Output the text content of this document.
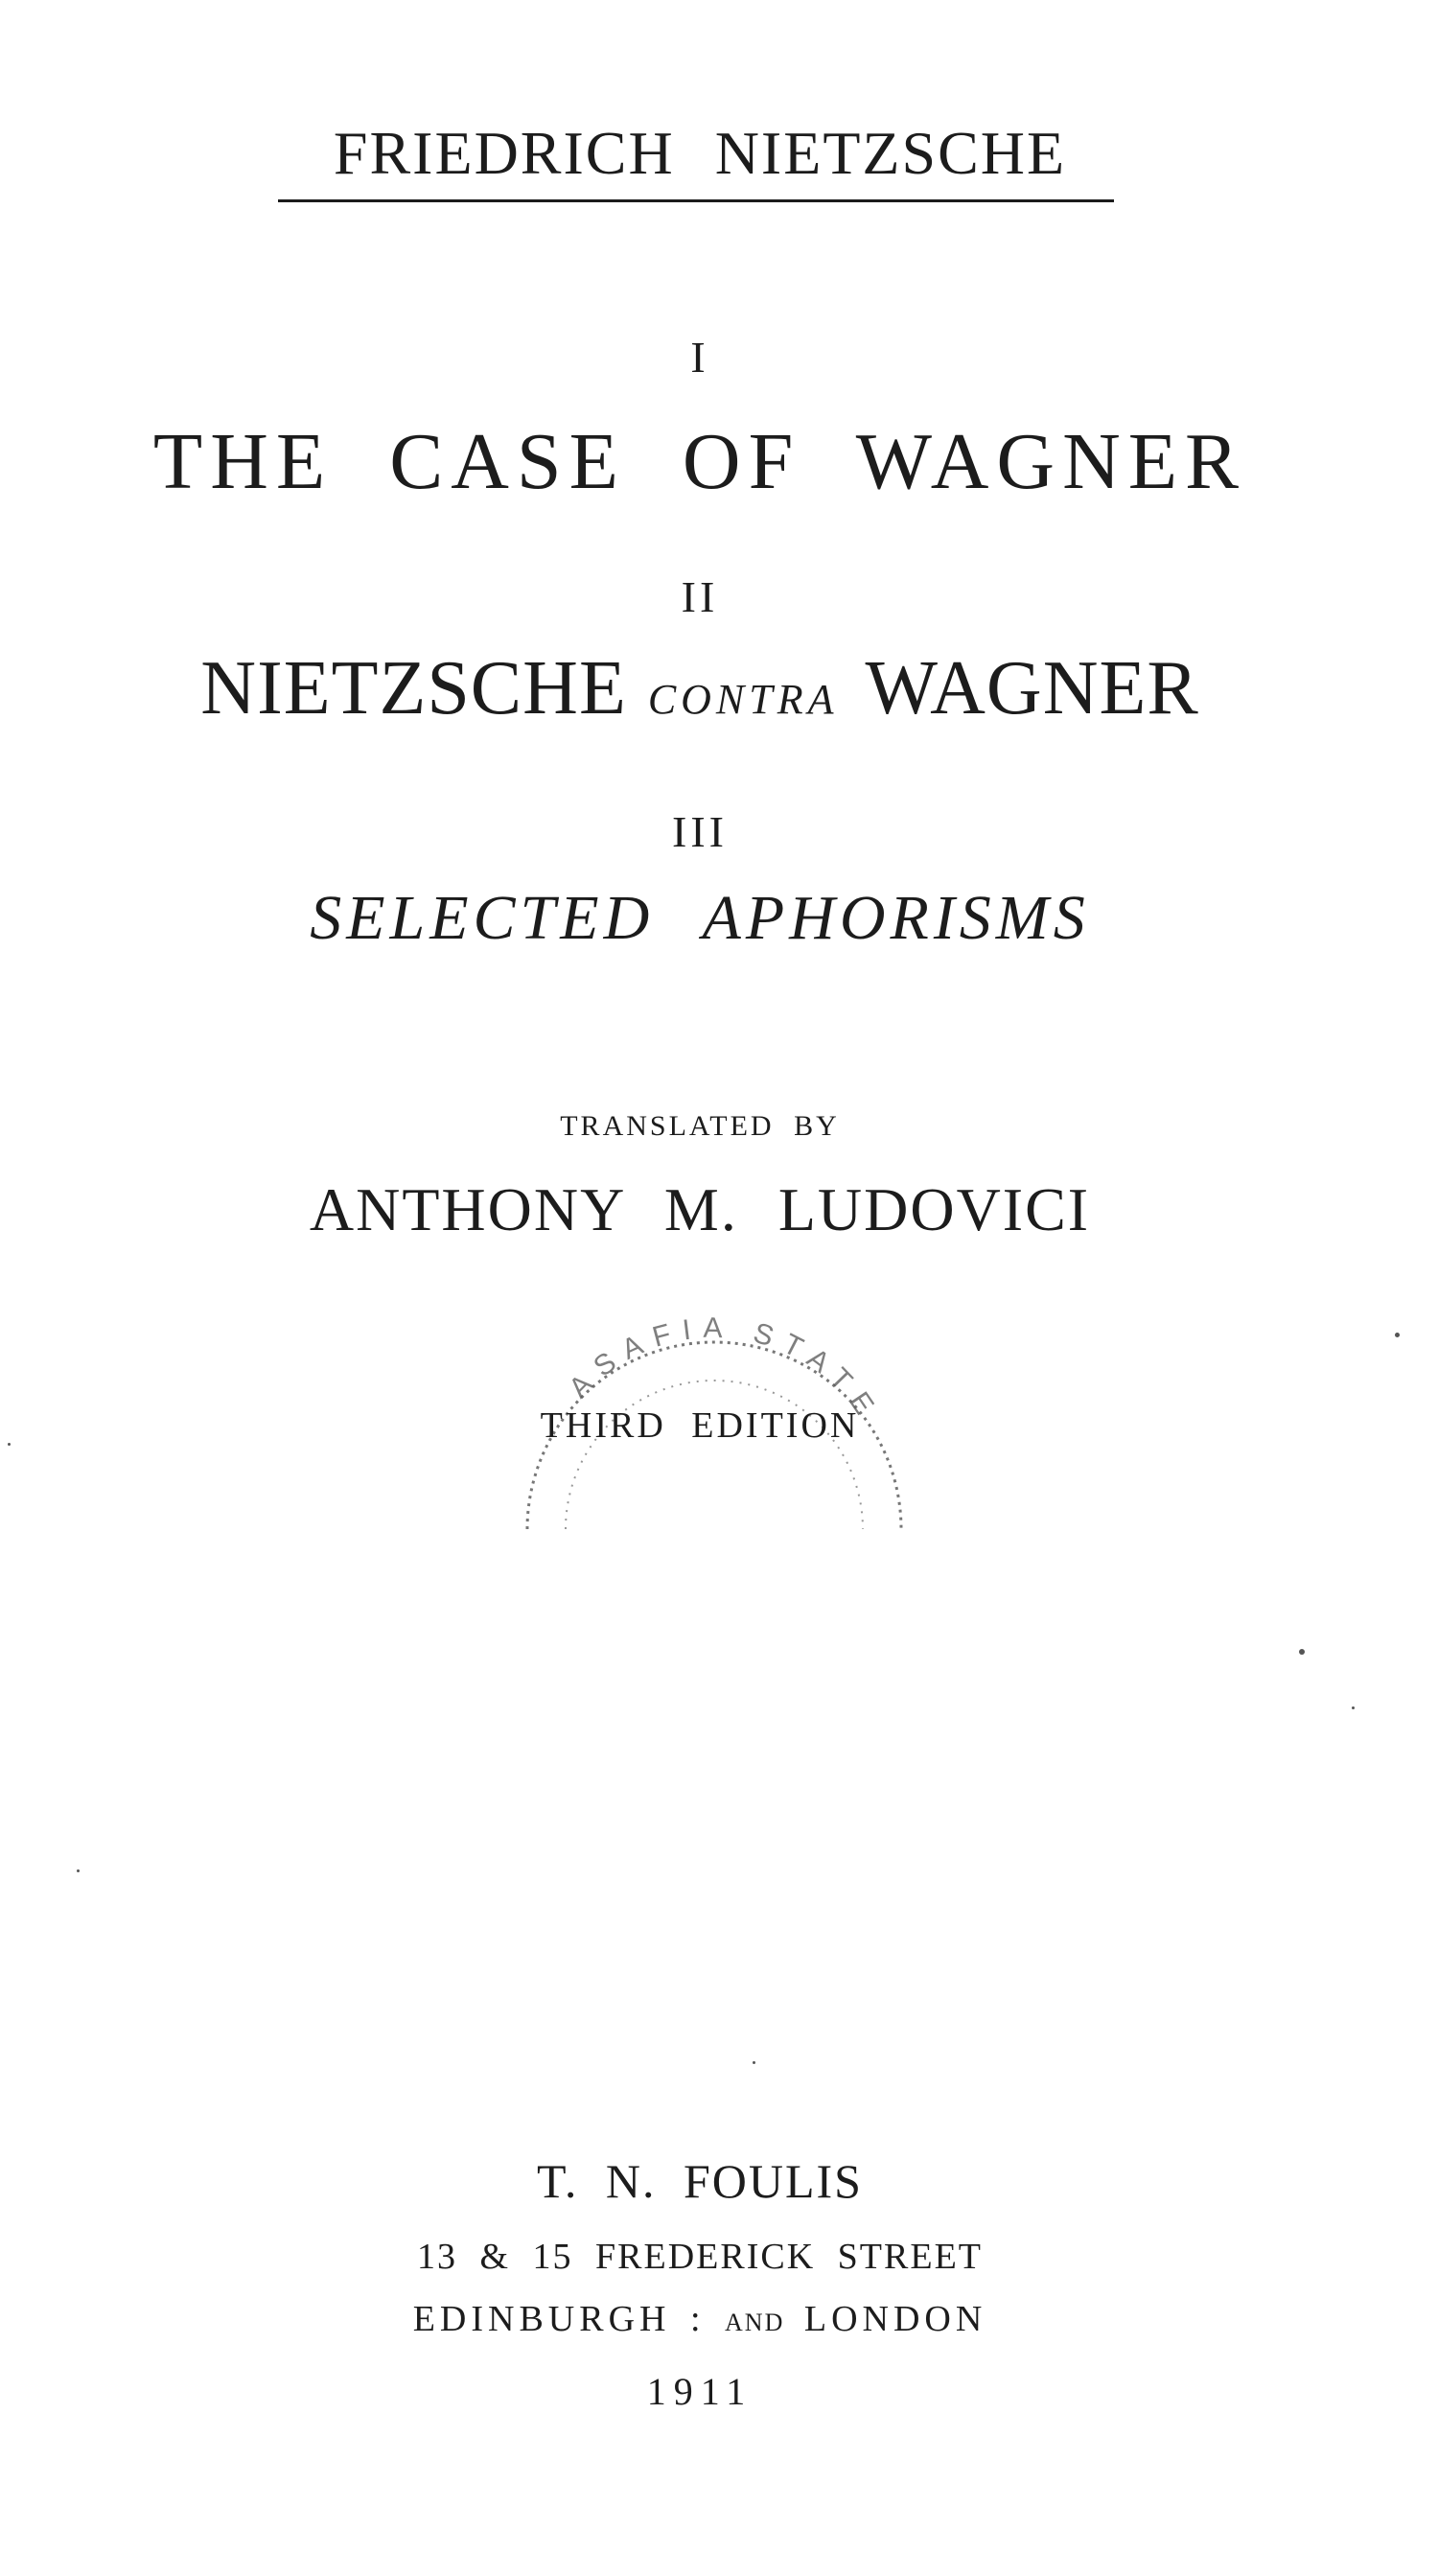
FRIEDRICH NIETZSCHE
I
THE CASE OF WAGNER
II
NIETZSCHE CONTRA WAGNER
III
SELECTED APHORISMS
TRANSLATED BY
ANTHONY M. LUDOVICI
ASAFIA STATE
THIRD EDITION
T. N. FOULIS
13 & 15 FREDERICK STREET
EDINBURGH : AND LONDON
1911
